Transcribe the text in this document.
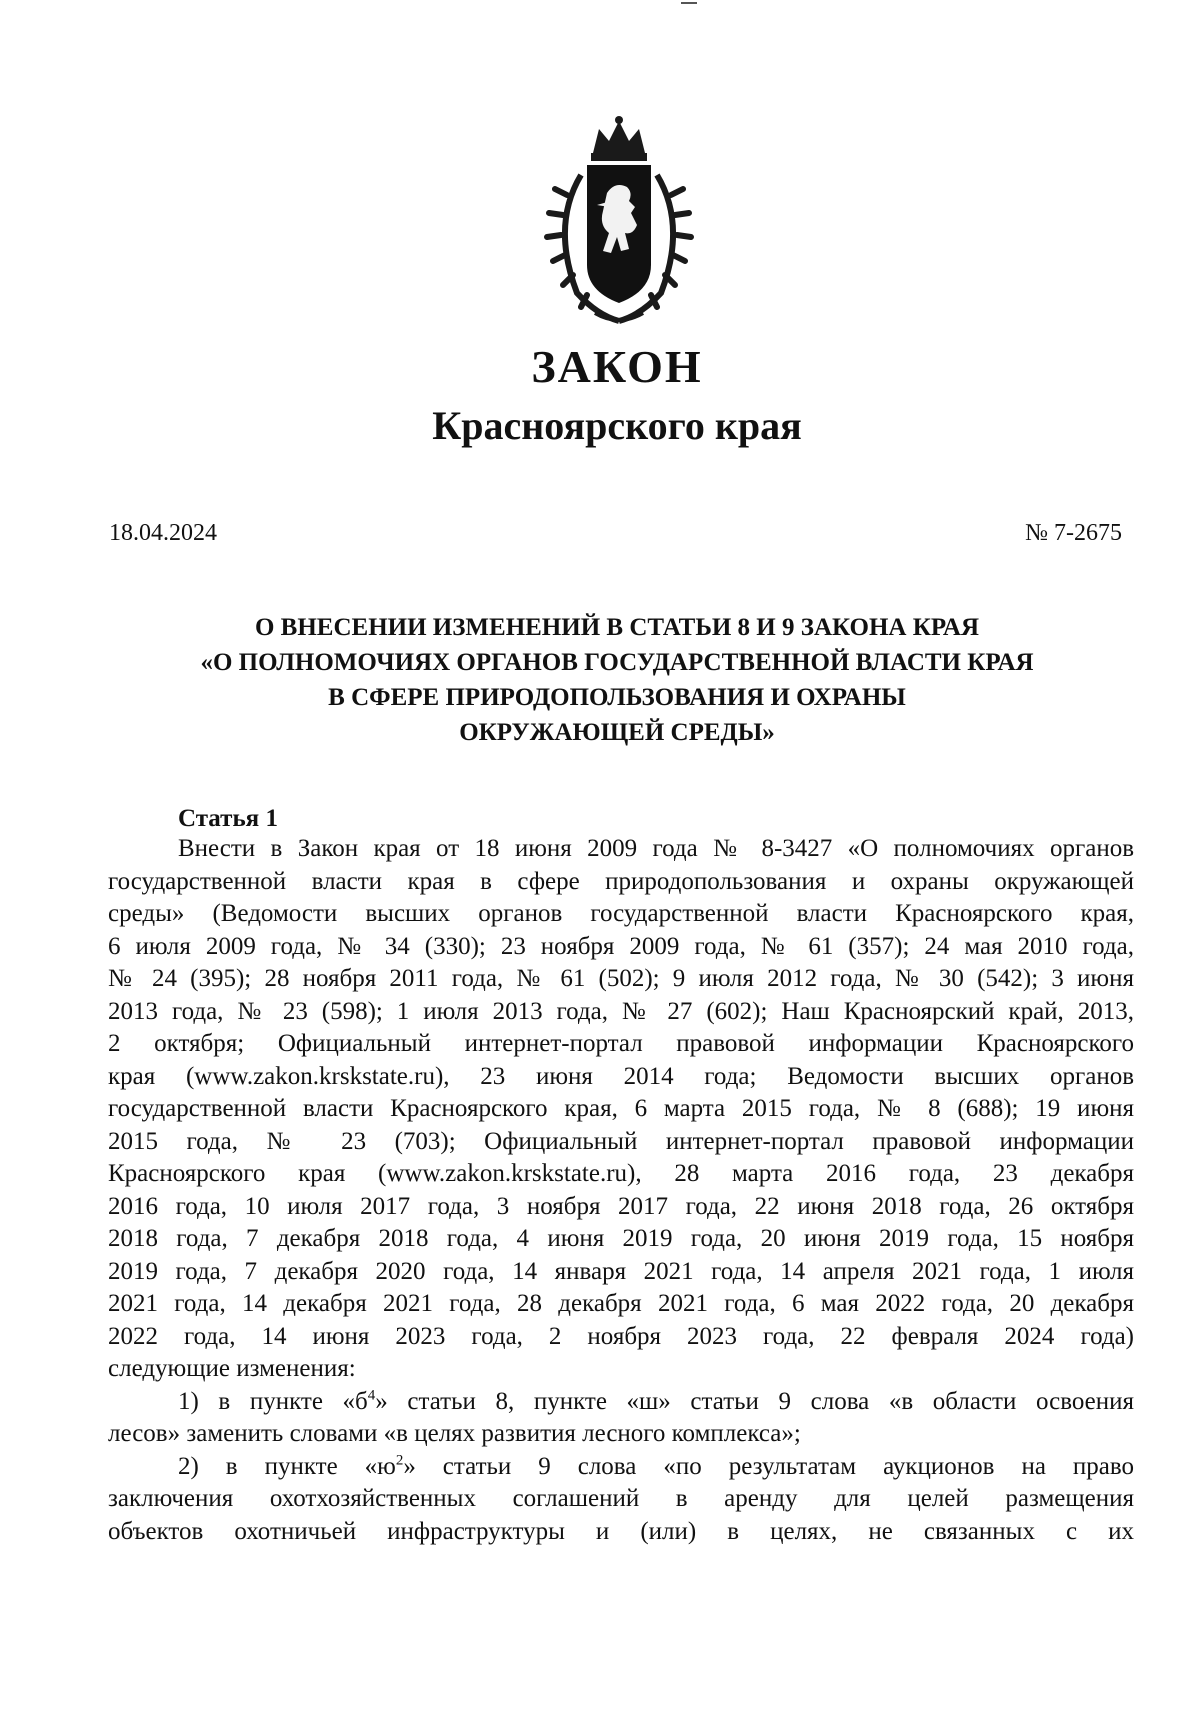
ЗАКОН
Красноярского края
18.04.2024	№ 7-2675
О ВНЕСЕНИИ ИЗМЕНЕНИЙ В СТАТЬИ 8 И 9 ЗАКОНА КРАЯ
«О ПОЛНОМОЧИЯХ ОРГАНОВ ГОСУДАРСТВЕННОЙ ВЛАСТИ КРАЯ
В СФЕРЕ ПРИРОДОПОЛЬЗОВАНИЯ И ОХРАНЫ
ОКРУЖАЮЩЕЙ СРЕДЫ»
Статья 1
Внести в Закон края от 18 июня 2009 года № 8-3427 «О полномочиях органов
государственной власти края в сфере природопользования и охраны окружающей
среды» (Ведомости высших органов государственной власти Красноярского края,
6 июля 2009 года, № 34 (330); 23 ноября 2009 года, № 61 (357); 24 мая 2010 года,
№ 24 (395); 28 ноября 2011 года, № 61 (502); 9 июля 2012 года, № 30 (542); 3 июня
2013 года, № 23 (598); 1 июля 2013 года, № 27 (602); Наш Красноярский край, 2013,
2 октября; Официальный интернет-портал правовой информации Красноярского
края (www.zakon.krskstate.ru), 23 июня 2014 года; Ведомости высших органов
государственной власти Красноярского края, 6 марта 2015 года, № 8 (688); 19 июня
2015 года, № 23 (703); Официальный интернет-портал правовой информации
Красноярского края (www.zakon.krskstate.ru), 28 марта 2016 года, 23 декабря
2016 года, 10 июля 2017 года, 3 ноября 2017 года, 22 июня 2018 года, 26 октября
2018 года, 7 декабря 2018 года, 4 июня 2019 года, 20 июня 2019 года, 15 ноября
2019 года, 7 декабря 2020 года, 14 января 2021 года, 14 апреля 2021 года, 1 июля
2021 года, 14 декабря 2021 года, 28 декабря 2021 года, 6 мая 2022 года, 20 декабря
2022 года, 14 июня 2023 года, 2 ноября 2023 года, 22 февраля 2024 года)
следующие изменения:
1) в пункте «$б^4$» статьи 8, пункте «ш» статьи 9 слова «в области освоения
лесов» заменить словами «в целях развития лесного комплекса»;
2) в пункте «$ю^2$» статьи 9 слова «по результатам аукционов на право
заключения охотхозяйственных соглашений в аренду для целей размещения
объектов охотничьей инфраструктуры и (или) в целях, не связанных с их
